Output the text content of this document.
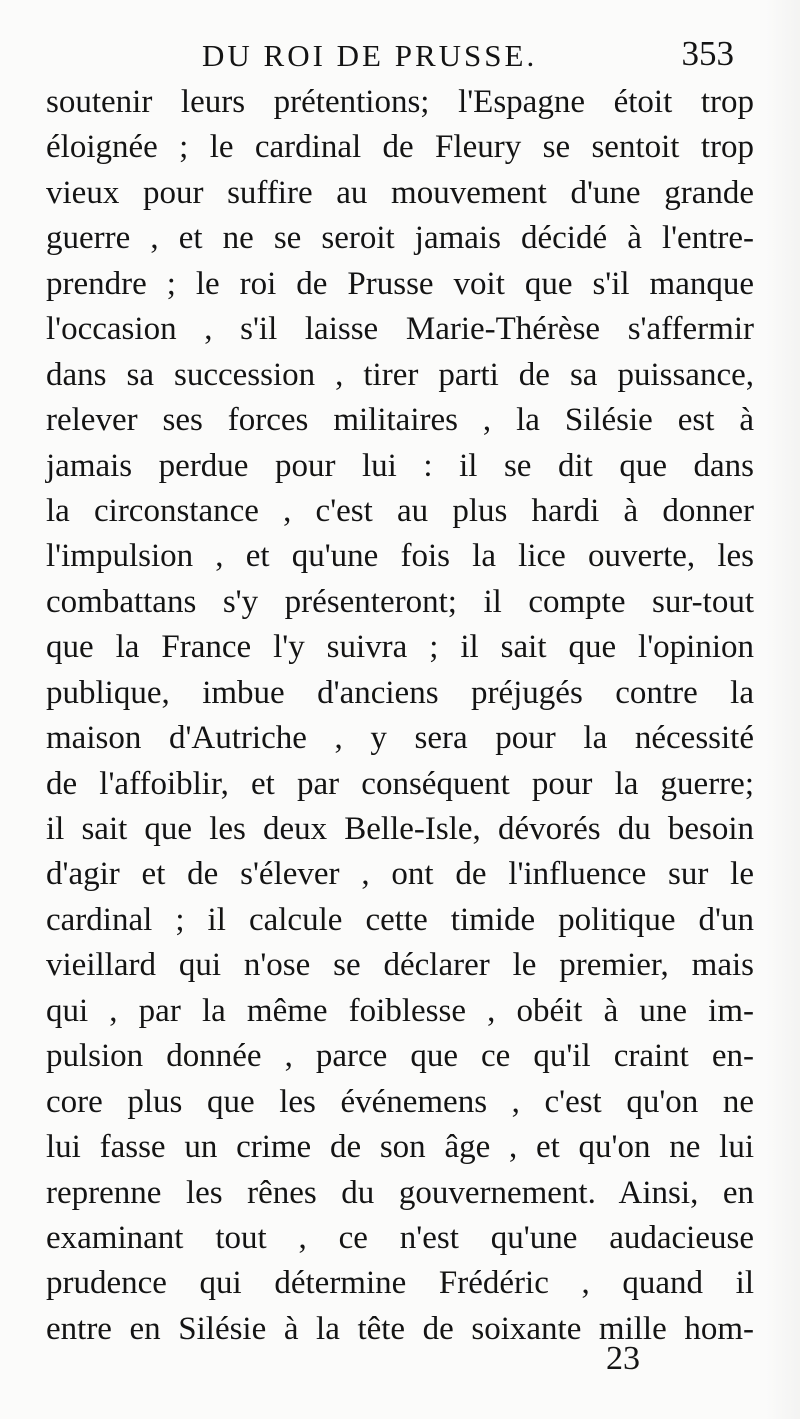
DU ROI DE PRUSSE.	353
soutenir leurs prétentions; l'Espagne étoit trop
éloignée ; le cardinal de Fleury se sentoit trop
vieux pour suffire au mouvement d'une grande
guerre , et ne se seroit jamais décidé à l'entre-
prendre ; le roi de Prusse voit que s'il manque
l'occasion , s'il laisse Marie-Thérèse s'affermir
dans sa succession , tirer parti de sa puissance,
relever ses forces militaires , la Silésie est à
jamais perdue pour lui : il se dit que dans
la circonstance , c'est au plus hardi à donner
l'impulsion , et qu'une fois la lice ouverte, les
combattans s'y présenteront; il compte sur-tout
que la France l'y suivra ; il sait que l'opinion
publique, imbue d'anciens préjugés contre la
maison d'Autriche , y sera pour la nécessité
de l'affoiblir, et par conséquent pour la guerre;
il sait que les deux Belle-Isle, dévorés du besoin
d'agir et de s'élever , ont de l'influence sur le
cardinal ; il calcule cette timide politique d'un
vieillard qui n'ose se déclarer le premier, mais
qui , par la même foiblesse , obéit à une im-
pulsion donnée , parce que ce qu'il craint en-
core plus que les événemens , c'est qu'on ne
lui fasse un crime de son âge , et qu'on ne lui
reprenne les rênes du gouvernement. Ainsi, en
examinant tout , ce n'est qu'une audacieuse
prudence qui détermine Frédéric , quand il
entre en Silésie à la tête de soixante mille hom-
23
